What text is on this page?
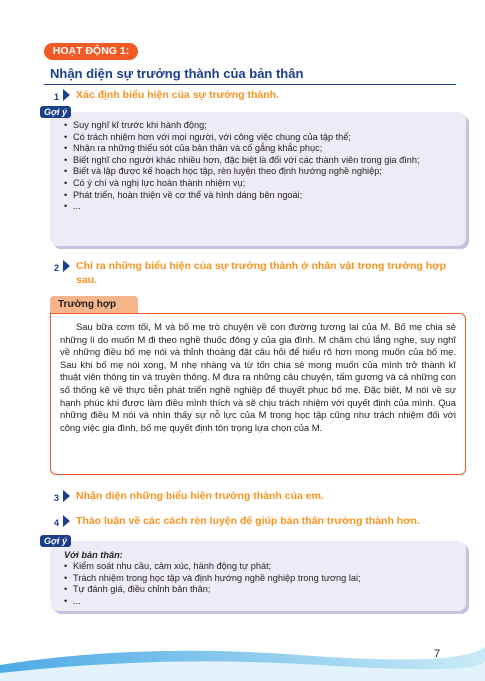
HOẠT ĐỘNG 1:
Nhận diện sự trưởng thành của bản thân
1	Xác định biểu hiện của sự trưởng thành.
• Suy nghĩ kĩ trước khi hành động;
• Có trách nhiệm hơn với mọi người, với công việc chung của tập thể;
• Nhận ra những thiếu sót của bản thân và cố gắng khắc phục;
• Biết nghĩ cho người khác nhiều hơn, đặc biệt là đối với các thành viên trong gia đình;
• Biết và lập được kế hoạch học tập, rèn luyện theo định hướng nghề nghiệp;
• Có ý chí và nghị lực hoàn thành nhiệm vụ;
• Phát triển, hoàn thiện về cơ thể và hình dáng bên ngoài;
• ...
Gợi ý
2	Chỉ ra những biểu hiện của sự trưởng thành ở nhân vật trong trường hợp sau.
Trường hợp

Sau bữa cơm tối, M và bố mẹ trò chuyện về con đường tương lai của M. Bố mẹ chia sẻ những lí do muốn M đi theo nghề thuốc đông y của gia đình. M chăm chú lắng nghe, suy nghĩ về những điều bố mẹ nói và thỉnh thoảng đặt câu hỏi để hiểu rõ hơn mong muốn của bố mẹ. Sau khi bố mẹ nói xong, M nhẹ nhàng và từ tốn chia sẻ mong muốn của mình trở thành kĩ thuật viên thông tin và truyền thông. M đưa ra những câu chuyện, tấm gương và cả những con số thống kê về thực tiễn phát triển nghề nghiệp để thuyết phục bố mẹ. Đặc biệt, M nói về sự hạnh phúc khi được làm điều mình thích và sẽ chịu trách nhiệm với quyết định của mình. Qua những điều M nói và nhìn thấy sự nỗ lực của M trong học tập cũng như trách nhiệm đối với công việc gia đình, bố mẹ quyết định tôn trọng lựa chọn của M.

3	Nhận diện những biểu hiện trưởng thành của em.
4	Thảo luận về các cách rèn luyện để giúp bản thân trưởng thành hơn.
Với bản thân:
• Kiểm soát nhu cầu, cảm xúc, hành động tự phát;
• Trách nhiệm trong học tập và định hướng nghề nghiệp trong tương lai;
• Tự đánh giá, điều chỉnh bản thân;
• ...
Gợi ý
7
